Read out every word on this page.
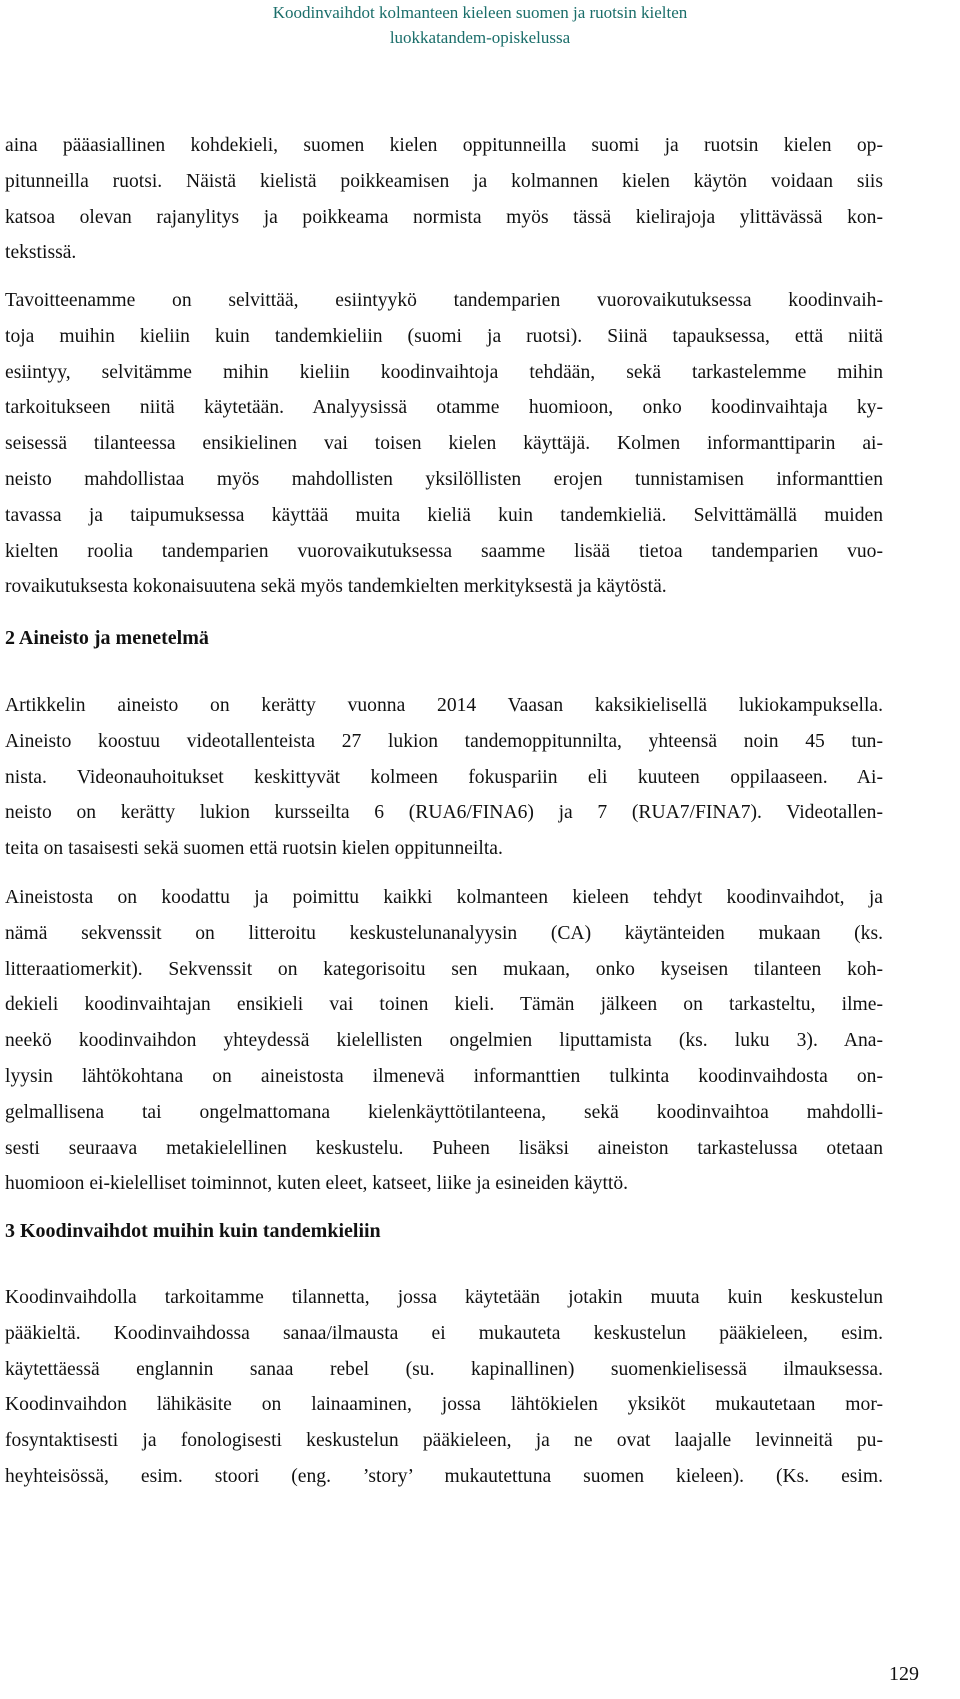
Koodinvaihdot kolmanteen kieleen suomen ja ruotsin kielten
luokkatandem-opiskelussa
aina pääasiallinen kohdekieli, suomen kielen oppitunneilla suomi ja ruotsin kielen op-
pitunneilla ruotsi. Näistä kielistä poikkeamisen ja kolmannen kielen käytön voidaan siis
katsoa olevan rajanylitys ja poikkeama normista myös tässä kielirajoja ylittävässä kon-
tekstissä.
Tavoitteenamme on selvittää, esiintyykö tandemparien vuorovaikutuksessa koodinvaih-
toja muihin kieliin kuin tandemkieliin (suomi ja ruotsi). Siinä tapauksessa, että niitä
esiintyy, selvitämme mihin kieliin koodinvaihtoja tehdään, sekä tarkastelemme mihin
tarkoitukseen niitä käytetään. Analyysissä otamme huomioon, onko koodinvaihtaja ky-
seisessä tilanteessa ensikielinen vai toisen kielen käyttäjä. Kolmen informanttiparin ai-
neisto mahdollistaa myös mahdollisten yksilöllisten erojen tunnistamisen informanttien
tavassa ja taipumuksessa käyttää muita kieliä kuin tandemkieliä. Selvittämällä muiden
kielten roolia tandemparien vuorovaikutuksessa saamme lisää tietoa tandemparien vuo-
rovaikutuksesta kokonaisuutena sekä myös tandemkielten merkityksestä ja käytöstä.
2 Aineisto ja menetelmä
Artikkelin aineisto on kerätty vuonna 2014 Vaasan kaksikielisellä lukiokampuksella.
Aineisto koostuu videotallenteista 27 lukion tandemoppitunnilta, yhteensä noin 45 tun-
nista. Videonauhoitukset keskittyvät kolmeen fokuspariin eli kuuteen oppilaaseen. Ai-
neisto on kerätty lukion kursseilta 6 (RUA6/FINA6) ja 7 (RUA7/FINA7). Videotallen-
teita on tasaisesti sekä suomen että ruotsin kielen oppitunneilta.
Aineistosta on koodattu ja poimittu kaikki kolmanteen kieleen tehdyt koodinvaihdot, ja
nämä sekvenssit on litteroitu keskustelunanalyysin (CA) käytänteiden mukaan (ks.
litteraatiomerkit). Sekvenssit on kategorisoitu sen mukaan, onko kyseisen tilanteen koh-
dekieli koodinvaihtajan ensikieli vai toinen kieli. Tämän jälkeen on tarkasteltu, ilme-
neekö koodinvaihdon yhteydessä kielellisten ongelmien liputtamista (ks. luku 3). Ana-
lyysin lähtökohtana on aineistosta ilmenevä informanttien tulkinta koodinvaihdosta on-
gelmallisena tai ongelmattomana kielenkäyttötilanteena, sekä koodinvaihtoa mahdolli-
sesti seuraava metakielellinen keskustelu. Puheen lisäksi aineiston tarkastelussa otetaan
huomioon ei-kielelliset toiminnot, kuten eleet, katseet, liike ja esineiden käyttö.
3 Koodinvaihdot muihin kuin tandemkieliin
Koodinvaihdolla tarkoitamme tilannetta, jossa käytetään jotakin muuta kuin keskustelun
pääkieltä. Koodinvaihdossa sanaa/ilmausta ei mukauteta keskustelun pääkieleen, esim.
käytettäessä englannin sanaa rebel (su. kapinallinen) suomenkielisessä ilmauksessa.
Koodinvaihdon lähikäsite on lainaaminen, jossa lähtökielen yksiköt mukautetaan mor-
fosyntaktisesti ja fonologisesti keskustelun pääkieleen, ja ne ovat laajalle levinneitä pu-
heyhteisössä, esim. stoori (eng. ’story’ mukautettuna suomen kieleen). (Ks. esim.
129
